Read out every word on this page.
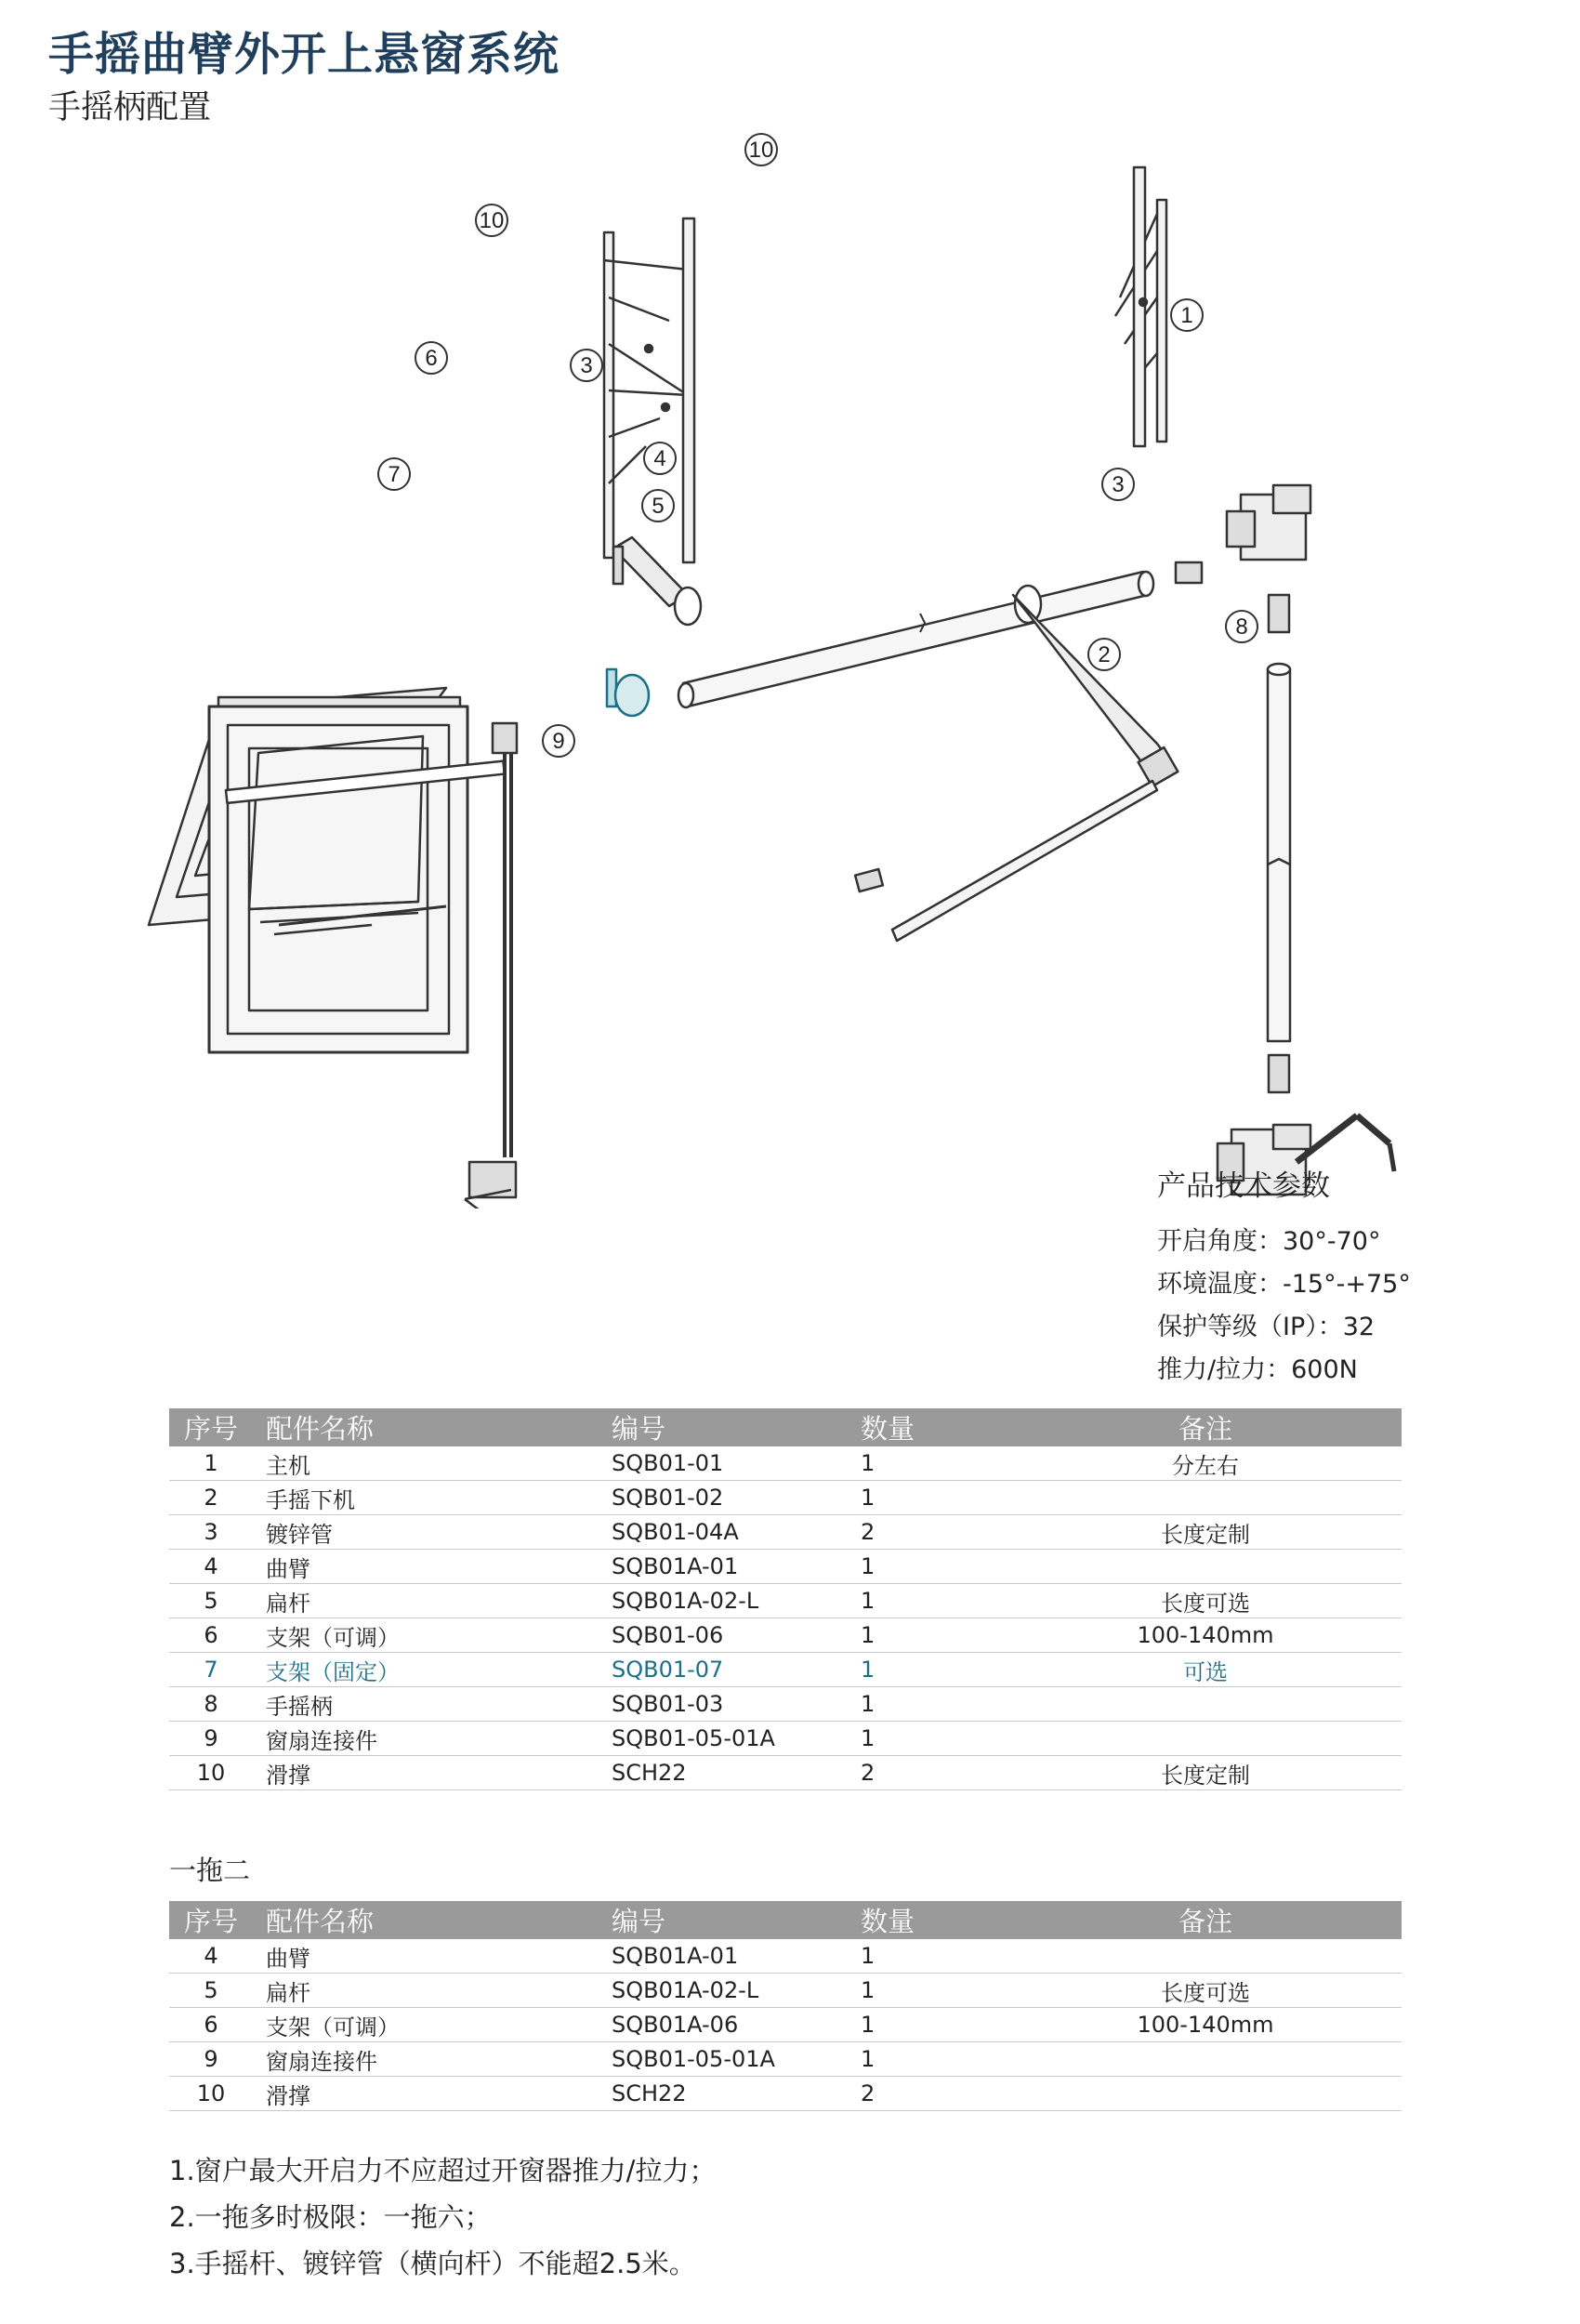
手摇曲臂外开上悬窗系统
手摇柄配置
1
2
3
3
4
5
6
7
8
9
10
10
产品技术参数
开启角度：30°-70°
环境温度：-15°-+75°
保护等级（IP）：32
推力/拉力：600N
序号	配件名称	编号	数量	备注
1	主机	SQB01-01	1	分左右
2	手摇下机	SQB01-02	1	
3	镀锌管	SQB01-04A	2	长度定制
4	曲臂	SQB01A-01	1	
5	扁杆	SQB01A-02-L	1	长度可选
6	支架（可调）	SQB01-06	1	100-140mm
7	支架（固定）	SQB01-07	1	可选
8	手摇柄	SQB01-03	1	
9	窗扇连接件	SQB01-05-01A	1	
10	滑撑	SCH22	2	长度定制
一拖二
序号	配件名称	编号	数量	备注
4	曲臂	SQB01A-01	1	
5	扁杆	SQB01A-02-L	1	长度可选
6	支架（可调）	SQB01A-06	1	100-140mm
9	窗扇连接件	SQB01-05-01A	1	
10	滑撑	SCH22	2	
1.窗户最大开启力不应超过开窗器推力/拉力；
2.一拖多时极限：一拖六；
3.手摇杆、镀锌管（横向杆）不能超2.5米。
